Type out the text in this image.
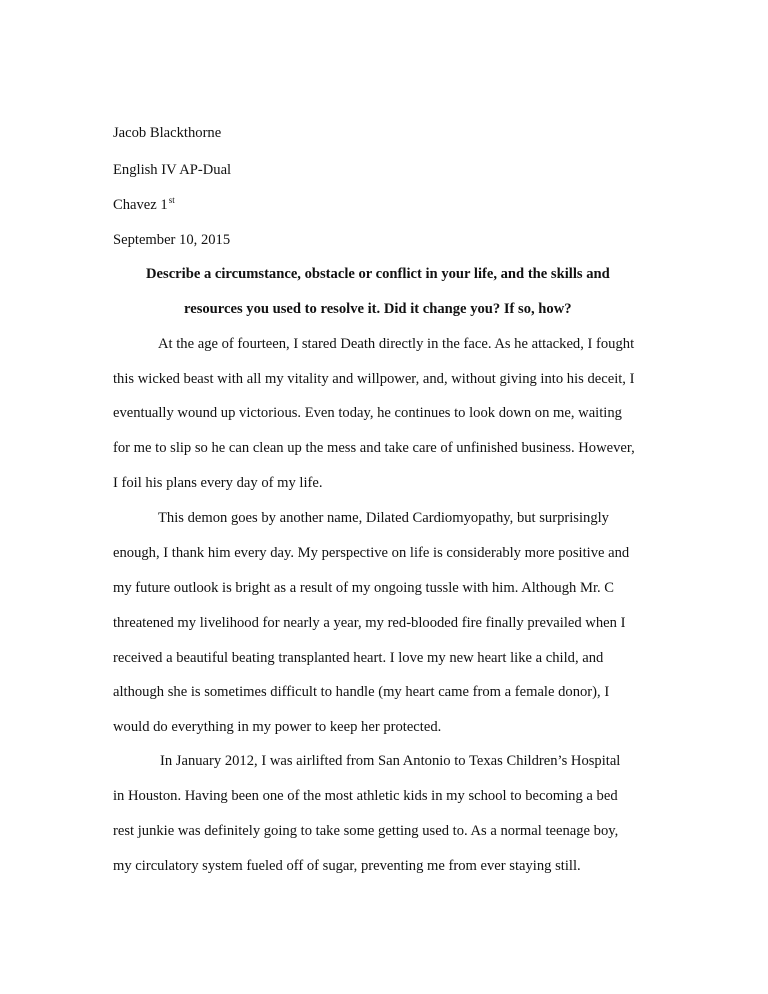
Jacob Blackthorne

English IV AP-Dual

Chavez 1st

September 10, 2015

Describe a circumstance, obstacle or conflict in your life, and the skills and

resources you used to resolve it. Did it change you? If so, how?

At the age of fourteen, I stared Death directly in the face. As he attacked, I fought

this wicked beast with all my vitality and willpower, and, without giving into his deceit, I

eventually wound up victorious. Even today, he continues to look down on me, waiting

for me to slip so he can clean up the mess and take care of unfinished business. However,

I foil his plans every day of my life.

This demon goes by another name, Dilated Cardiomyopathy, but surprisingly

enough, I thank him every day. My perspective on life is considerably more positive and

my future outlook is bright as a result of my ongoing tussle with him. Although Mr. C

threatened my livelihood for nearly a year, my red-blooded fire finally prevailed when I

received a beautiful beating transplanted heart. I love my new heart like a child, and

although she is sometimes difficult to handle (my heart came from a female donor), I

would do everything in my power to keep her protected.

In January 2012, I was airlifted from San Antonio to Texas Children’s Hospital

in Houston. Having been one of the most athletic kids in my school to becoming a bed

rest junkie was definitely going to take some getting used to. As a normal teenage boy,

my circulatory system fueled off of sugar, preventing me from ever staying still.
